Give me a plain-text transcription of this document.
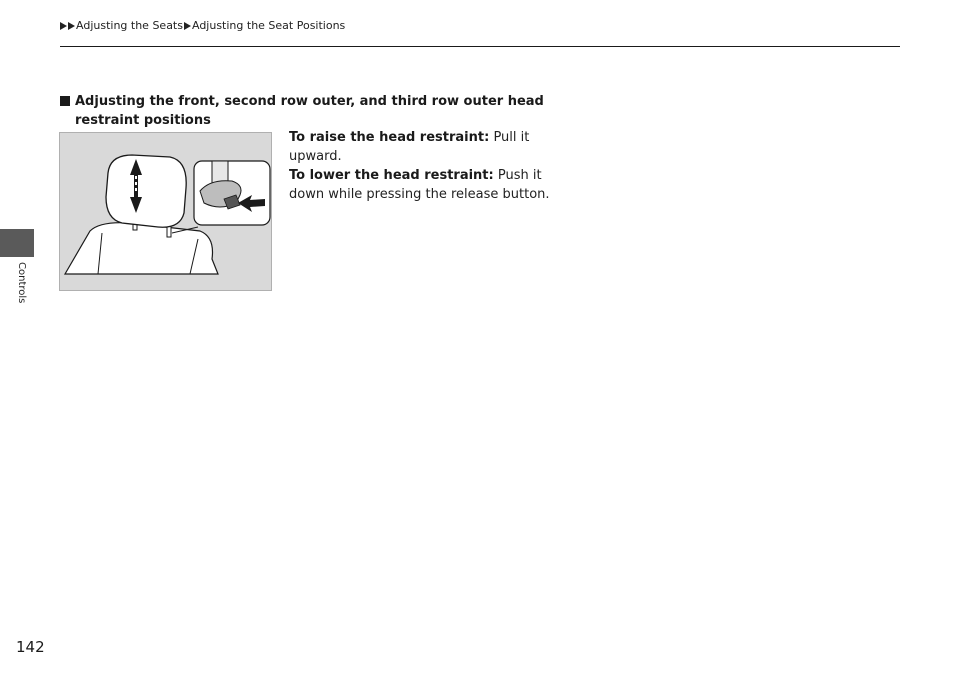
Adjusting the Seats Adjusting the Seat Positions
Controls
Adjusting the front, second row outer, and third row outer head restraint positions

To raise the head restraint: Pull it upward.

To lower the head restraint: Push it down while pressing the release button.

142
